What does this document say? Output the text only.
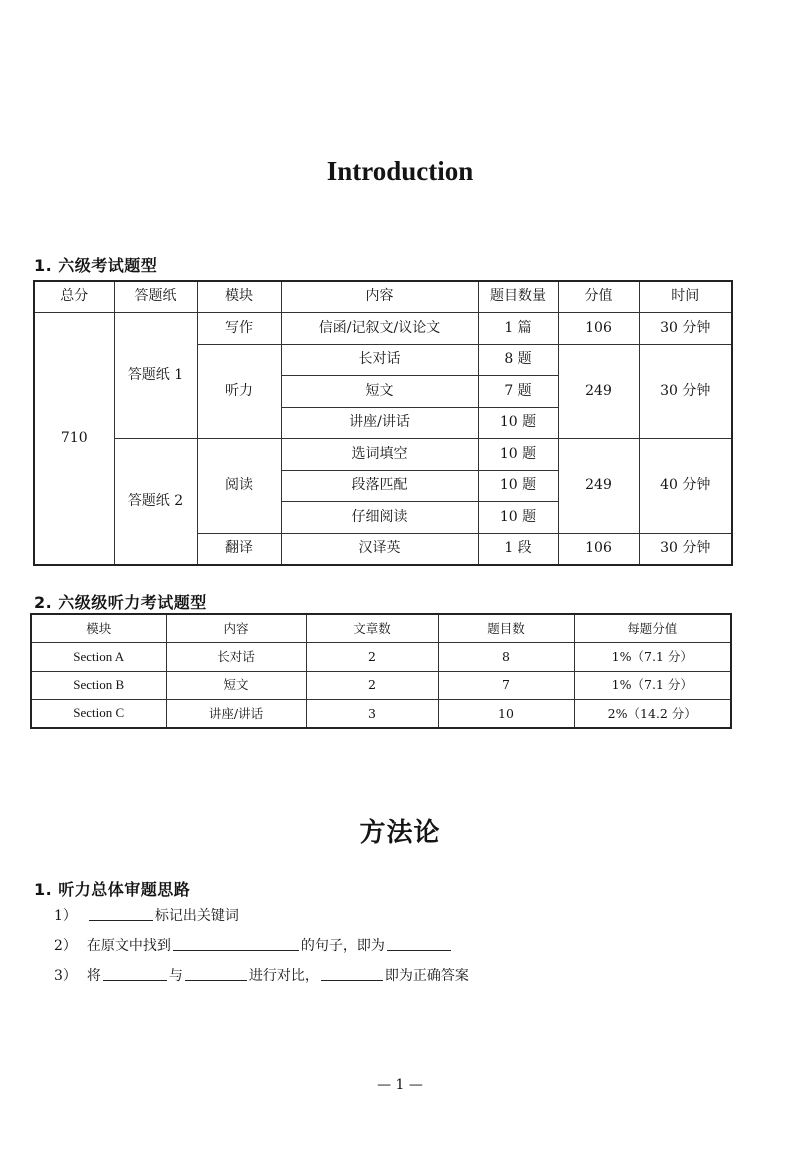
Introduction
1. 六级考试题型
总分	答题纸	模块	内容	题目数量	分值	时间
710	答题纸 1	写作	信函/记叙文/议论文	1 篇	106	30 分钟
		听力	长对话	8 题	249	30 分钟
			短文	7 题		
			讲座/讲话	10 题		
	答题纸 2	阅读	选词填空	10 题	249	40 分钟
			段落匹配	10 题		
			仔细阅读	10 题		
		翻译	汉译英	1 段	106	30 分钟
2. 六级级听力考试题型
模块	内容	文章数	题目数	每题分值
Section A	长对话	2	8	1%（7.1 分）
Section B	短文	2	7	1%（7.1 分）
Section C	讲座/讲话	3	10	2%（14.2 分）
方法论
1. 听力总体审题思路
1）	标记出关键词
2） 在原文中找到	的句子，即为
3） 将	与	进行对比，	即为正确答案
— 1 —
